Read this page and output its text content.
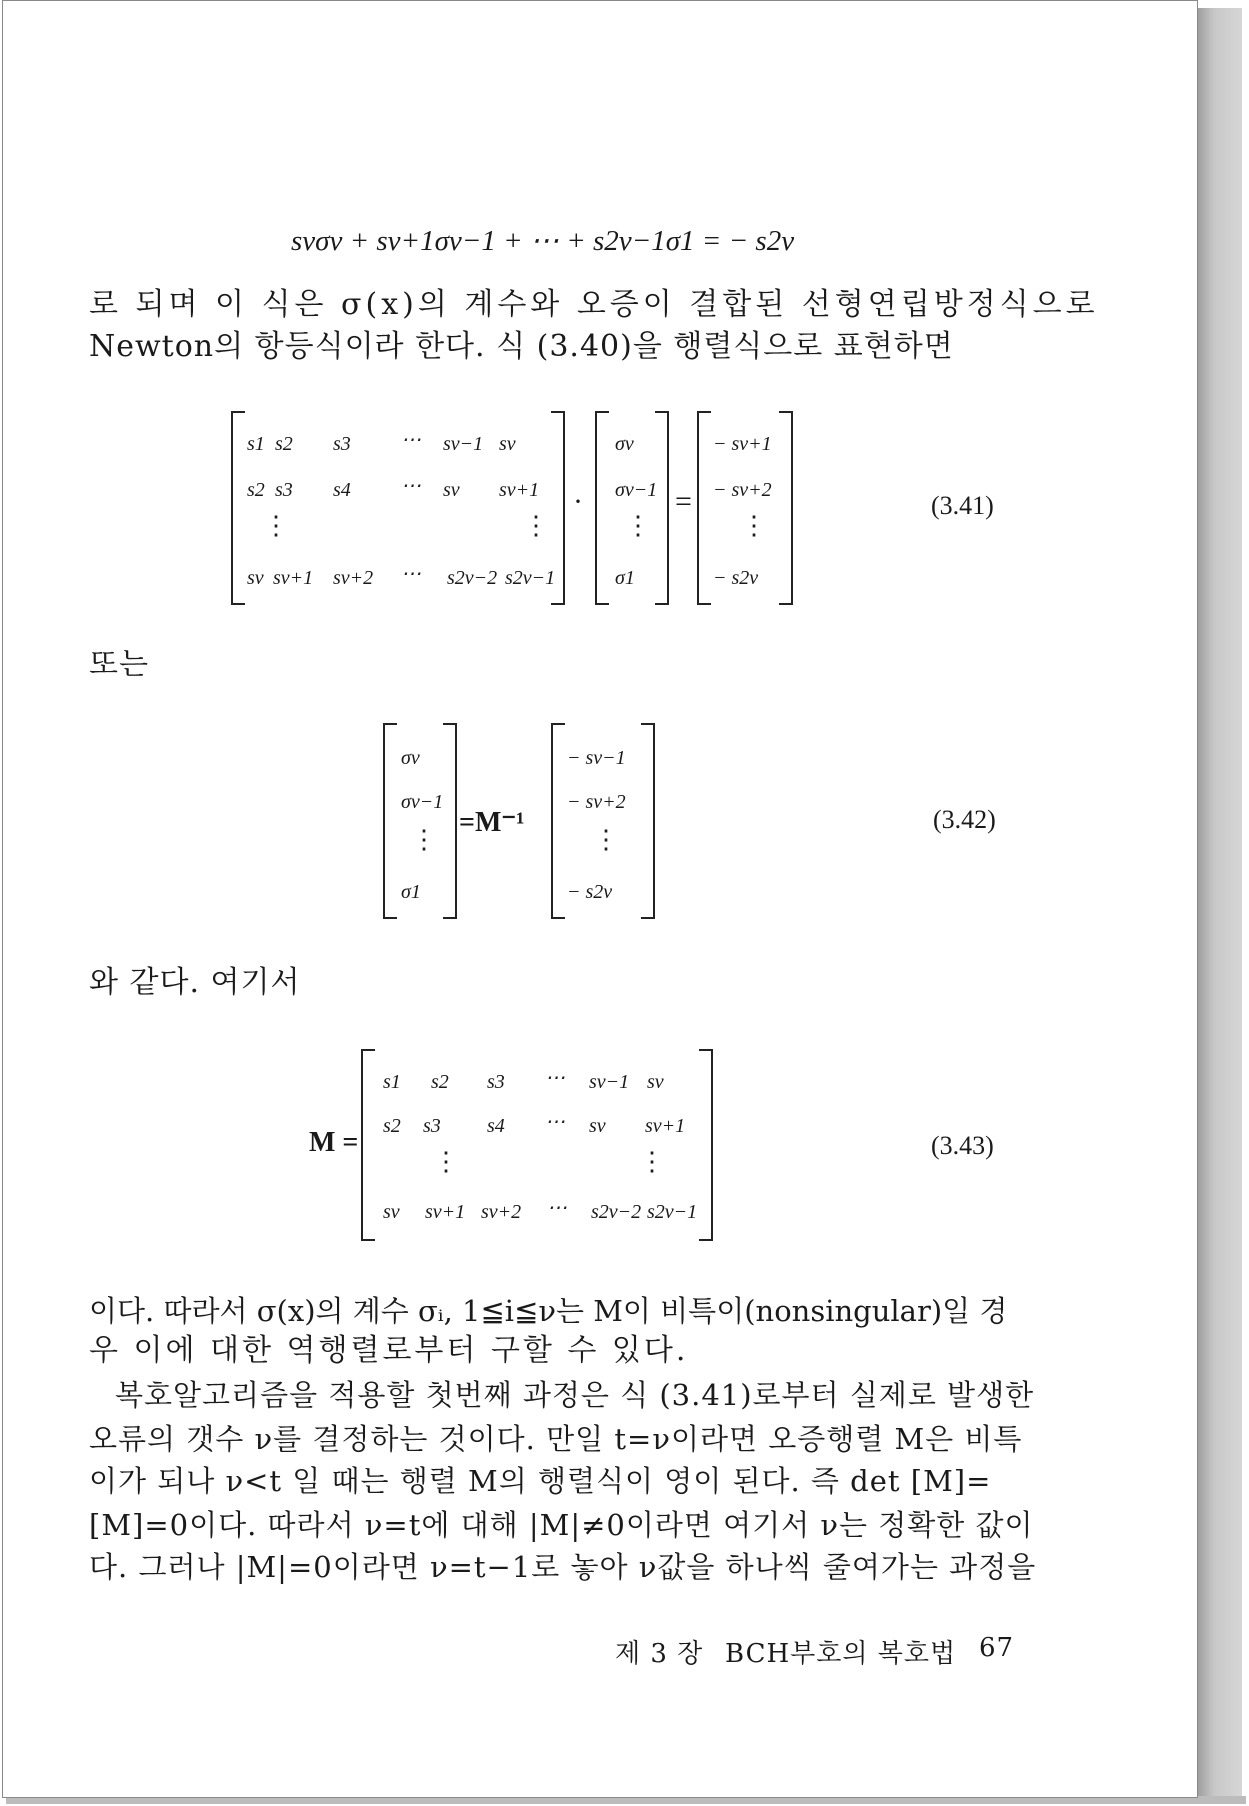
sνσν + sν+1σν−1 + ⋯ + s2ν−1σ1 = − s2ν
로 되며 이 식은 σ(x)의 계수와 오증이 결합된 선형연립방정식으로
Newton의 항등식이라 한다. 식 (3.40)을 행렬식으로 표현하면
s1 s2 s3	⋯ sν−1 sν
s2 s3 s4	⋯ sν sν+1
⋮	⋮
sν sν+1 sν+2 ⋯ s2ν−2 s2ν−1
·
σν
σν−1
⋮
σ1
=
− sν+1
− sν+2
⋮
− s2ν
(3.41)
또는
σν
σν−1
⋮
σ1
=M⁻¹
− sν−1
− sν+2
⋮
− s2ν
(3.42)
와 같다. 여기서
M =
s1 s2 s3 ⋯ sν−1 sν
s2 s3 s4 ⋯ sν sν+1
⋮	⋮
sν sν+1 sν+2 ⋯ s2ν−2 s2ν−1
(3.43)
이다. 따라서 σ(x)의 계수 σᵢ, 1≦i≦ν는 M이 비특이(nonsingular)일 경
우 이에 대한 역행렬로부터 구할 수 있다.
복호알고리즘을 적용할 첫번째 과정은 식 (3.41)로부터 실제로 발생한
오류의 갯수 ν를 결정하는 것이다. 만일 t=ν이라면 오증행렬 M은 비특
이가 되나 ν<t 일 때는 행렬 M의 행렬식이 영이 된다. 즉 det [M]=
[M]=0이다. 따라서 ν=t에 대해 |M|≠0이라면 여기서 ν는 정확한 값이
다. 그러나 |M|=0이라면 ν=t−1로 놓아 ν값을 하나씩 줄여가는 과정을
제 3 장 BCH부호의 복호법 67
